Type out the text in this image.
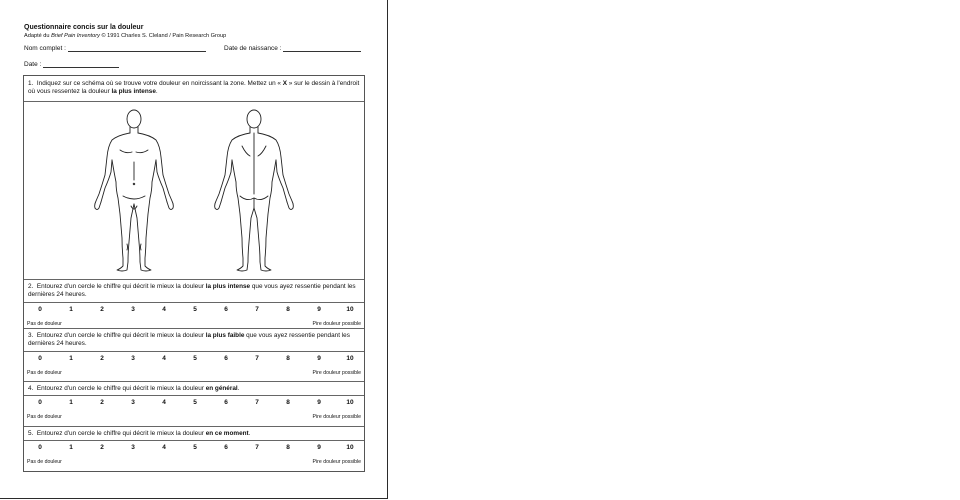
Questionnaire concis sur la douleur
Adapté du Brief Pain Inventory © 1991 Charles S. Cleland / Pain Research Group
Nom complet :	Date de naissance :
Date :
1. Indiquez sur ce schéma où se trouve votre douleur en noircissant la zone. Mettez un « X » sur le dessin à l'endroit où vous ressentez la douleur la plus intense.
2. Entourez d'un cercle le chiffre qui décrit le mieux la douleur la plus intense que vous ayez ressentie pendant les dernières 24 heures.
0	1	2	3	4	5	6	7	8	9	10
Pas de douleur	Pire douleur possible
3. Entourez d'un cercle le chiffre qui décrit le mieux la douleur la plus faible que vous ayez ressentie pendant les dernières 24 heures.
0	1	2	3	4	5	6	7	8	9	10
Pas de douleur	Pire douleur possible
4. Entourez d'un cercle le chiffre qui décrit le mieux la douleur en général.
0	1	2	3	4	5	6	7	8	9	10
Pas de douleur	Pire douleur possible
5. Entourez d'un cercle le chiffre qui décrit le mieux la douleur en ce moment.
0	1	2	3	4	5	6	7	8	9	10
Pas de douleur	Pire douleur possible
